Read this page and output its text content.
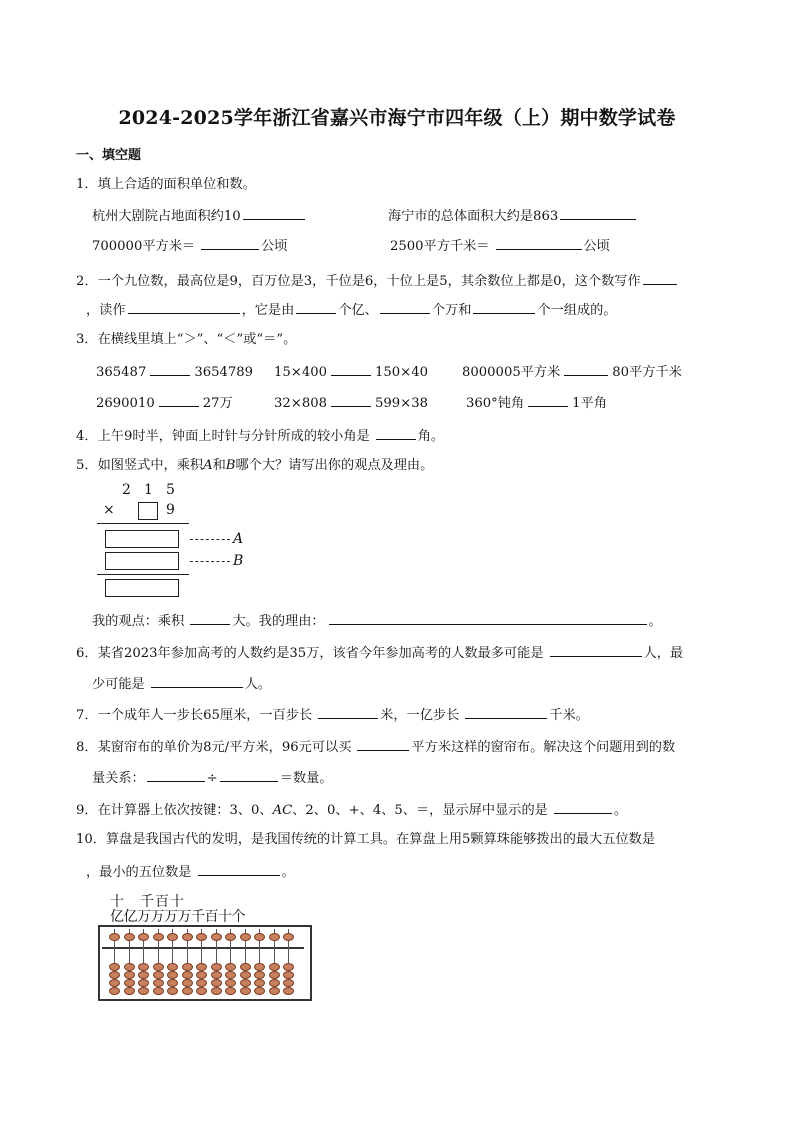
2024-2025学年浙江省嘉兴市海宁市四年级（上）期中数学试卷
一、填空题
1．填上合适的面积单位和数。
杭州大剧院占地面积约10	海宁市的总体面积大约是863
700000平方米＝	公顷	2500平方千米＝	公顷
2．一个九位数，最高位是9，百万位是3，千位是6，十位上是5，其余数位上都是0，这个数写作
，读作	，它是由	个亿、	个万和	个一组成的。
3．在横线里填上“＞”、“＜”或“＝”。
365487	3654789 15×400	150×40	8000005平方米	80平方千米
2690010	27万	32×808	599×38	360°钝角	1平角
4．上午9时半，钟面上时针与分针所成的较小角是	角。
5．如图竖式中，乘积A和B哪个大？请写出你的观点及理由。
2 1 5
×	9
A
B
我的观点：乘积	大。我的理由：	。
6．某省2023年参加高考的人数约是35万，该省今年参加高考的人数最多可能是	人，最
少可能是	人。
7．一个成年人一步长65厘米，一百步长	米，一亿步长	千米。
8．某窗帘布的单价为8元/平方米，96元可以买	平方米这样的窗帘布。解决这个问题用到的数
量关系：	÷	＝数量。
9．在计算器上依次按键：3、0、AC、2、0、+、4、5、＝，显示屏中显示的是	。
10．算盘是我国古代的发明，是我国传统的计算工具。在算盘上用5颗算珠能够拨出的最大五位数是
，最小的五位数是	。
十　千百十
亿亿万万万万千百十个
